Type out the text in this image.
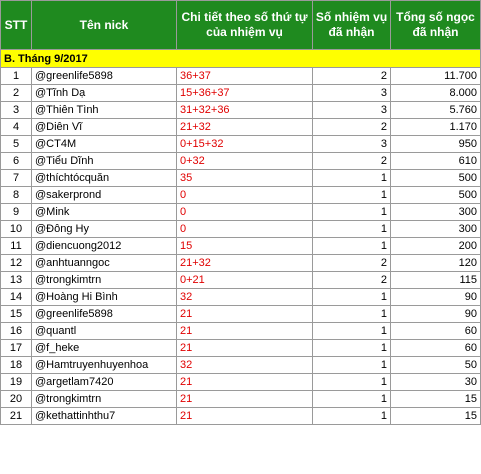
STT	Tên nick	Chi tiết theo số thứ tự của nhiệm vụ	Số nhiệm vụ đã nhận	Tổng số ngọc đã nhận
B. Tháng 9/2017				
1	@greenlife5898	36+37	2	11.700
2	@Tĩnh Dạ	15+36+37	3	8.000
3	@Thiên Tình	31+32+36	3	5.760
4	@Diên Vĩ	21+32	2	1.170
5	@CT4M	0+15+32	3	950
6	@Tiểu Dĩnh	0+32	2	610
7	@thíchtócquăn	35	1	500
8	@sakerprond	0	1	500
9	@Mink	0	1	300
10	@Đông Hy	0	1	300
11	@diencuong2012	15	1	200
12	@anhtuanngoc	21+32	2	120
13	@trongkimtrn	0+21	2	115
14	@Hoàng Hi Bình	32	1	90
15	@greenlife5898	21	1	90
16	@quantl	21	1	60
17	@f_heke	21	1	60
18	@Hamtruyenhuyenhoa	32	1	50
19	@argetlam7420	21	1	30
20	@trongkimtrn	21	1	15
21	@kethattinhthu7	21	1	15
